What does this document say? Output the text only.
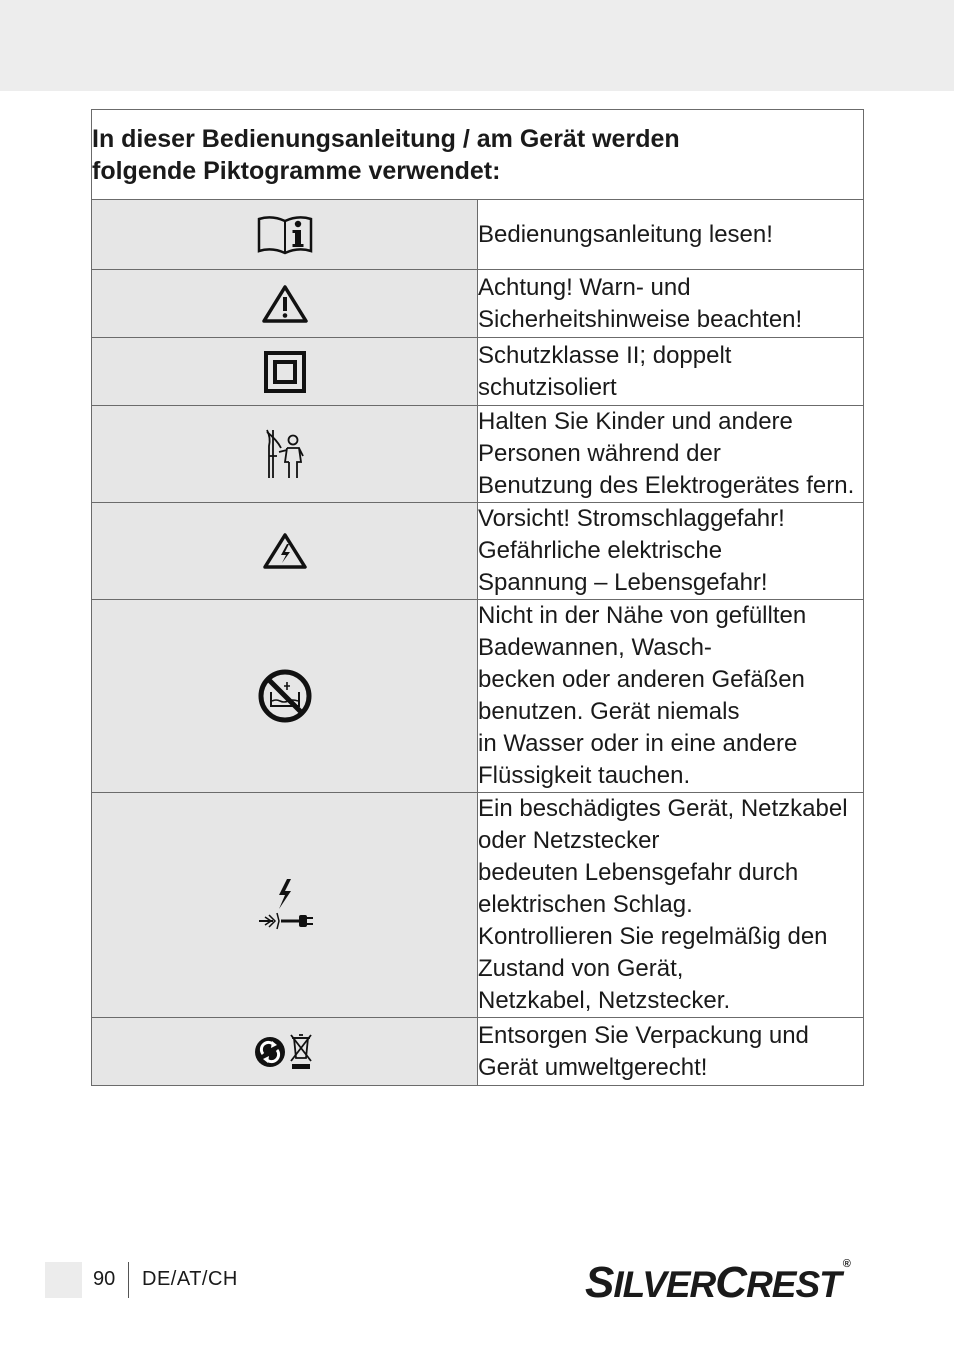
In dieser Bedienungsanleitung / am Gerät werden
folgende Piktogramme verwendet:	

	Bedienungsanleitung lesen!

	Achtung! Warn- und Sicherheitshinweise beachten!

	Schutzklasse II; doppelt schutzisoliert

	Halten Sie Kinder und andere Personen während der
Benutzung des Elektrogerätes fern.

	Vorsicht! Stromschlaggefahr! Gefährliche elektrische
Spannung – Lebensgefahr!

	Nicht in der Nähe von gefüllten Badewannen, Wasch-
becken oder anderen Gefäßen benutzen. Gerät niemals
in Wasser oder in eine andere Flüssigkeit tauchen.

	Ein beschädigtes Gerät, Netzkabel oder Netzstecker
bedeuten Lebensgefahr durch elektrischen Schlag.
Kontrollieren Sie regelmäßig den Zustand von Gerät,
Netzkabel, Netzstecker.

	Entsorgen Sie Verpackung und Gerät umweltgerecht!
90 DE/AT/CH	SILVERCREST ®
